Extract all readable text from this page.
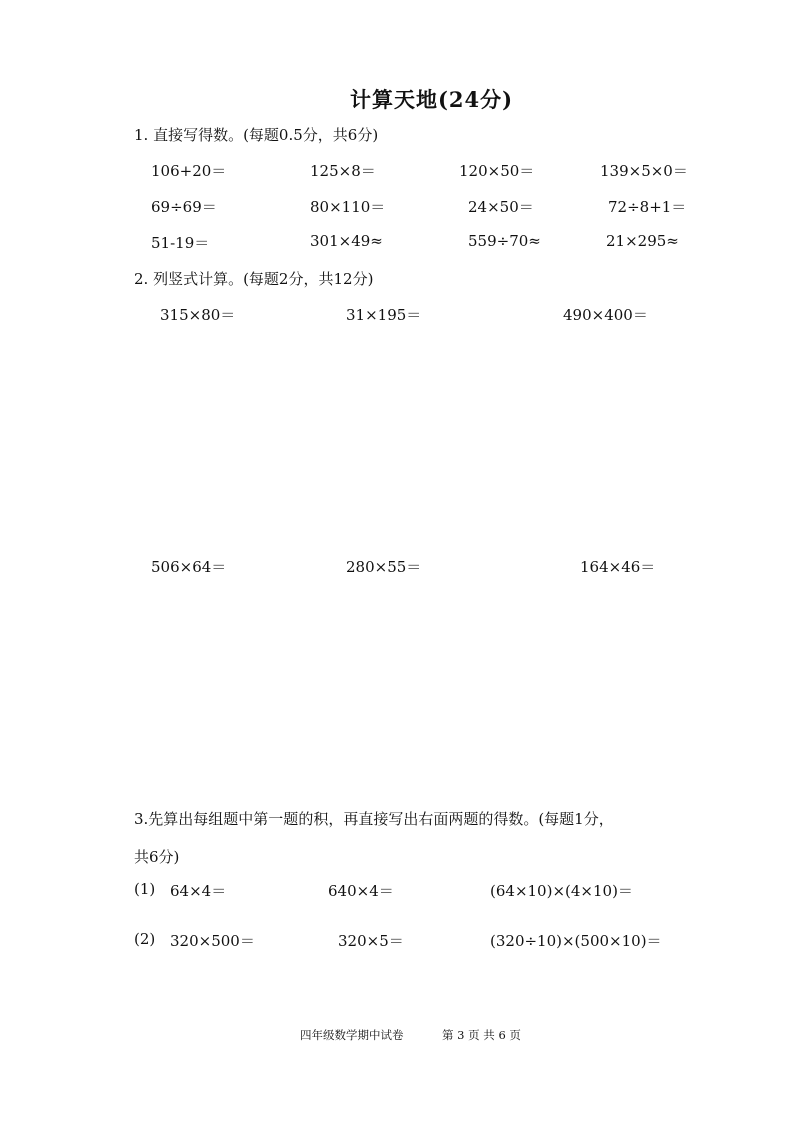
计算天地(24分)
1. 直接写得数。(每题0.5分，共6分)
106+20＝	125×8＝	120×50＝	139×5×0＝
69÷69＝	80×110＝	24×50＝	72÷8+1＝
51-19＝	301×49≈	559÷70≈	21×295≈
2. 列竖式计算。(每题2分，共12分)
315×80＝	31×195＝	490×400＝
506×64＝	280×55＝	164×46＝
3.先算出每组题中第一题的积，再直接写出右面两题的得数。(每题1分，
共6分)
(1) 64×4＝	640×4＝	(64×10)×(4×10)＝
(2) 320×500＝	320×5＝	(320÷10)×(500×10)＝
四年级数学期中试卷	第 3 页 共 6 页
